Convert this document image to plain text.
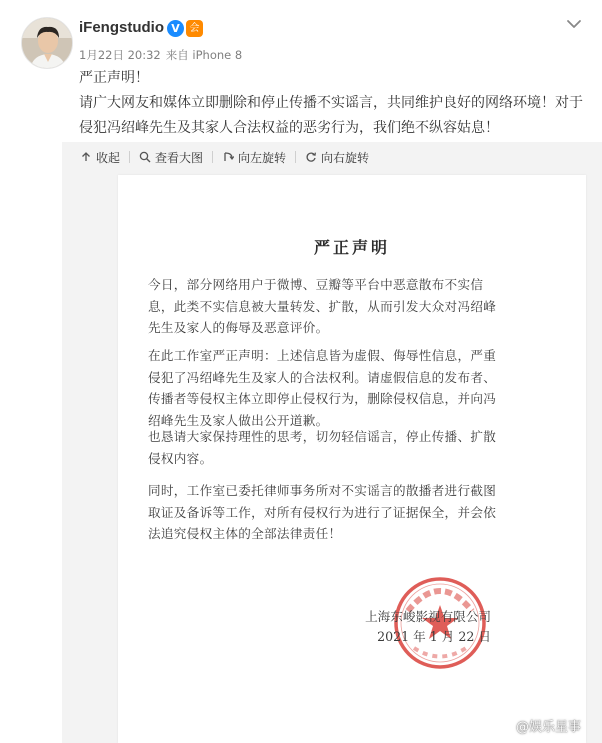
iFengstudio V 会
1月22日 20:32 来自 iPhone 8

严正声明！

请广大网友和媒体立即删除和停止传播不实谣言，共同维护良好的网络环境！对于侵犯冯绍峰先生及其家人合法权益的恶劣行为，我们绝不纵容姑息！

收起	查看大图	向左旋转	向右旋转
严正声明
今日，部分网络用户于微博、豆瓣等平台中恶意散布不实信息，此类不实信息被大量转发、扩散，从而引发大众对冯绍峰先生及家人的侮辱及恶意评价。
在此工作室严正声明：上述信息皆为虚假、侮辱性信息，严重侵犯了冯绍峰先生及家人的合法权利。请虚假信息的发布者、传播者等侵权主体立即停止侵权行为，删除侵权信息，并向冯绍峰先生及家人做出公开道歉。
也恳请大家保持理性的思考，切勿轻信谣言，停止传播、扩散侵权内容。
同时，工作室已委托律师事务所对不实谣言的散播者进行截图取证及备诉等工作，对所有侵权行为进行了证据保全，并会依法追究侵权主体的全部法律责任！
上海东峻影视有限公司
2021 年 1 月 22 日
@娱乐星事
